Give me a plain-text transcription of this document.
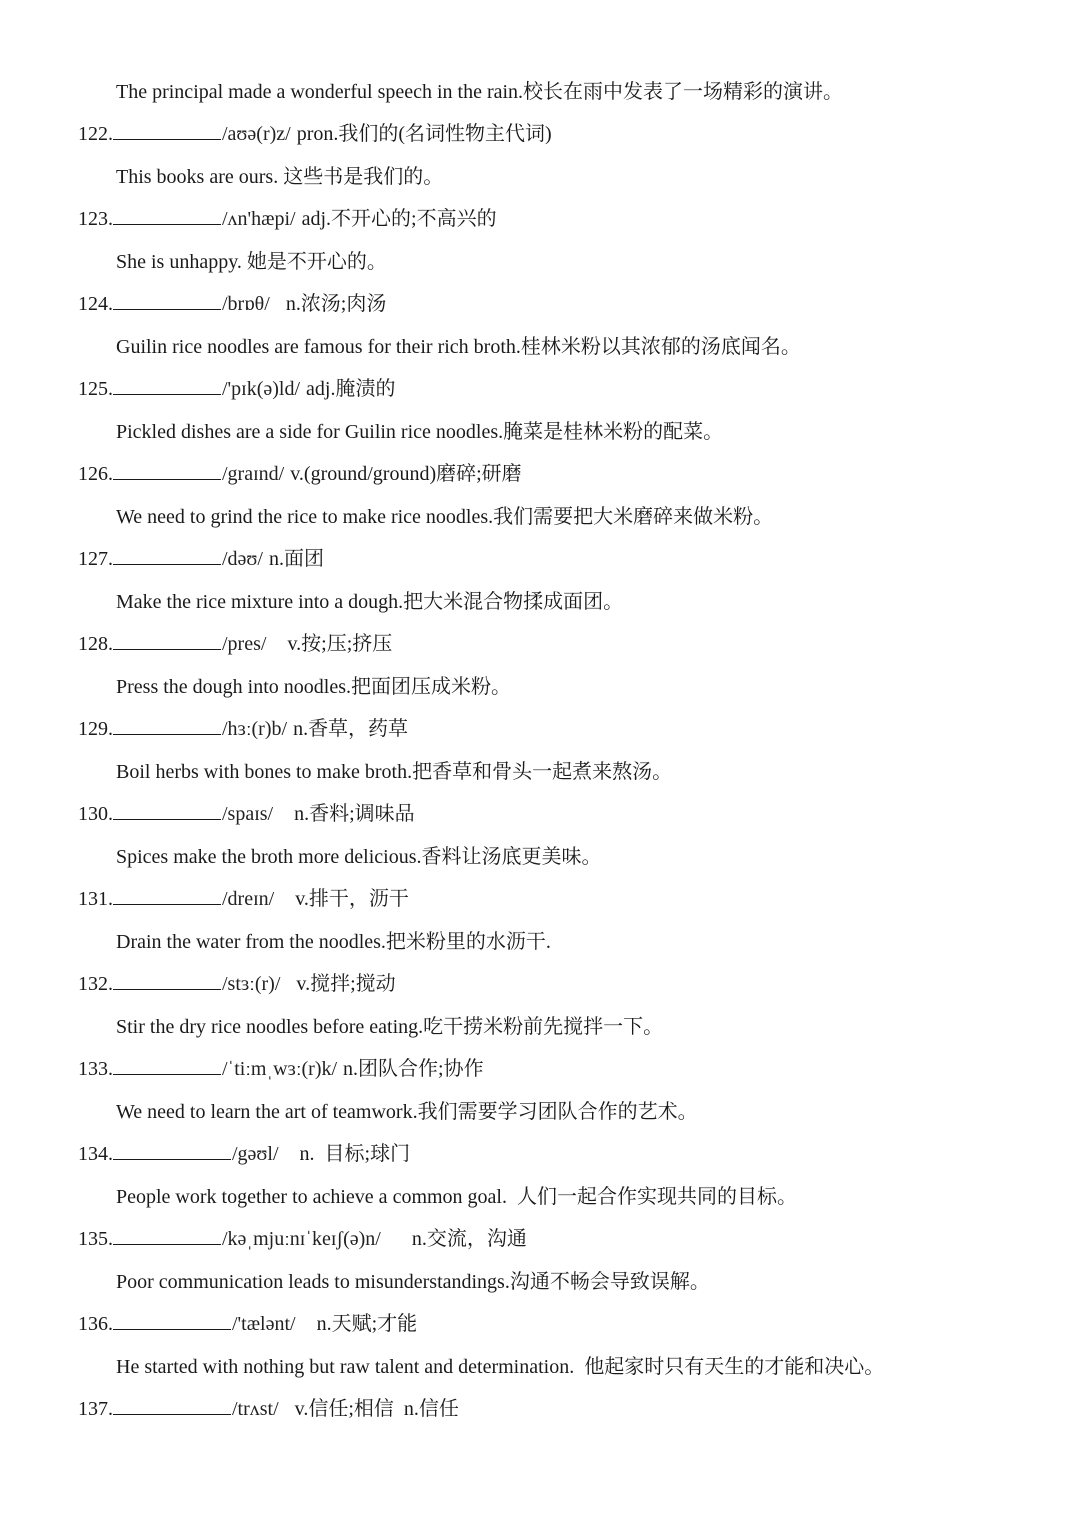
The principal made a wonderful speech in the rain.校长在雨中发表了一场精彩的演讲。
122.	/aʊə(r)z/ pron.我们的(名词性物主代词)
This books are ours. 这些书是我们的。
123.	/ʌn'hæpi/ adj.不开心的;不高兴的
She is unhappy. 她是不开心的。
124.	/brɒθ/  n.浓汤;肉汤
Guilin rice noodles are famous for their rich broth.桂林米粉以其浓郁的汤底闻名。
125.	/'pɪk(ə)ld/ adj.腌渍的
Pickled dishes are a side for Guilin rice noodles.腌菜是桂林米粉的配菜。
126.	/graɪnd/ v.(ground/ground)磨碎;研磨
We need to grind the rice to make rice noodles.我们需要把大米磨碎来做米粉。
127.	/dəʊ/ n.面团
Make the rice mixture into a dough.把大米混合物揉成面团。
128.	/pres/   v.按;压;挤压
Press the dough into noodles.把面团压成米粉。
129.	/hɜː(r)b/ n.香草，药草
Boil herbs with bones to make broth.把香草和骨头一起煮来熬汤。
130.	/spaɪs/   n.香料;调味品
Spices make the broth more delicious.香料让汤底更美味。
131.	/dreɪn/   v.排干，沥干
Drain the water from the noodles.把米粉里的水沥干.
132.	/stɜː(r)/  v.搅拌;搅动
Stir the dry rice noodles before eating.吃干捞米粉前先搅拌一下。
133.	/ˈtiːmˌwɜː(r)k/ n.团队合作;协作
We need to learn the art of teamwork.我们需要学习团队合作的艺术。
134.	/gəʊl/   n.  目标;球门
People work together to achieve a common goal.  人们一起合作实现共同的目标。
135.	/kəˌmjuːnɪˈkeɪʃ(ə)n/     n.交流，沟通
Poor communication leads to misunderstandings.沟通不畅会导致误解。
136.	/'tælənt/   n.天赋;才能
He started with nothing but raw talent and determination.  他起家时只有天生的才能和决心。
137.	/trʌst/  v.信任;相信  n.信任
